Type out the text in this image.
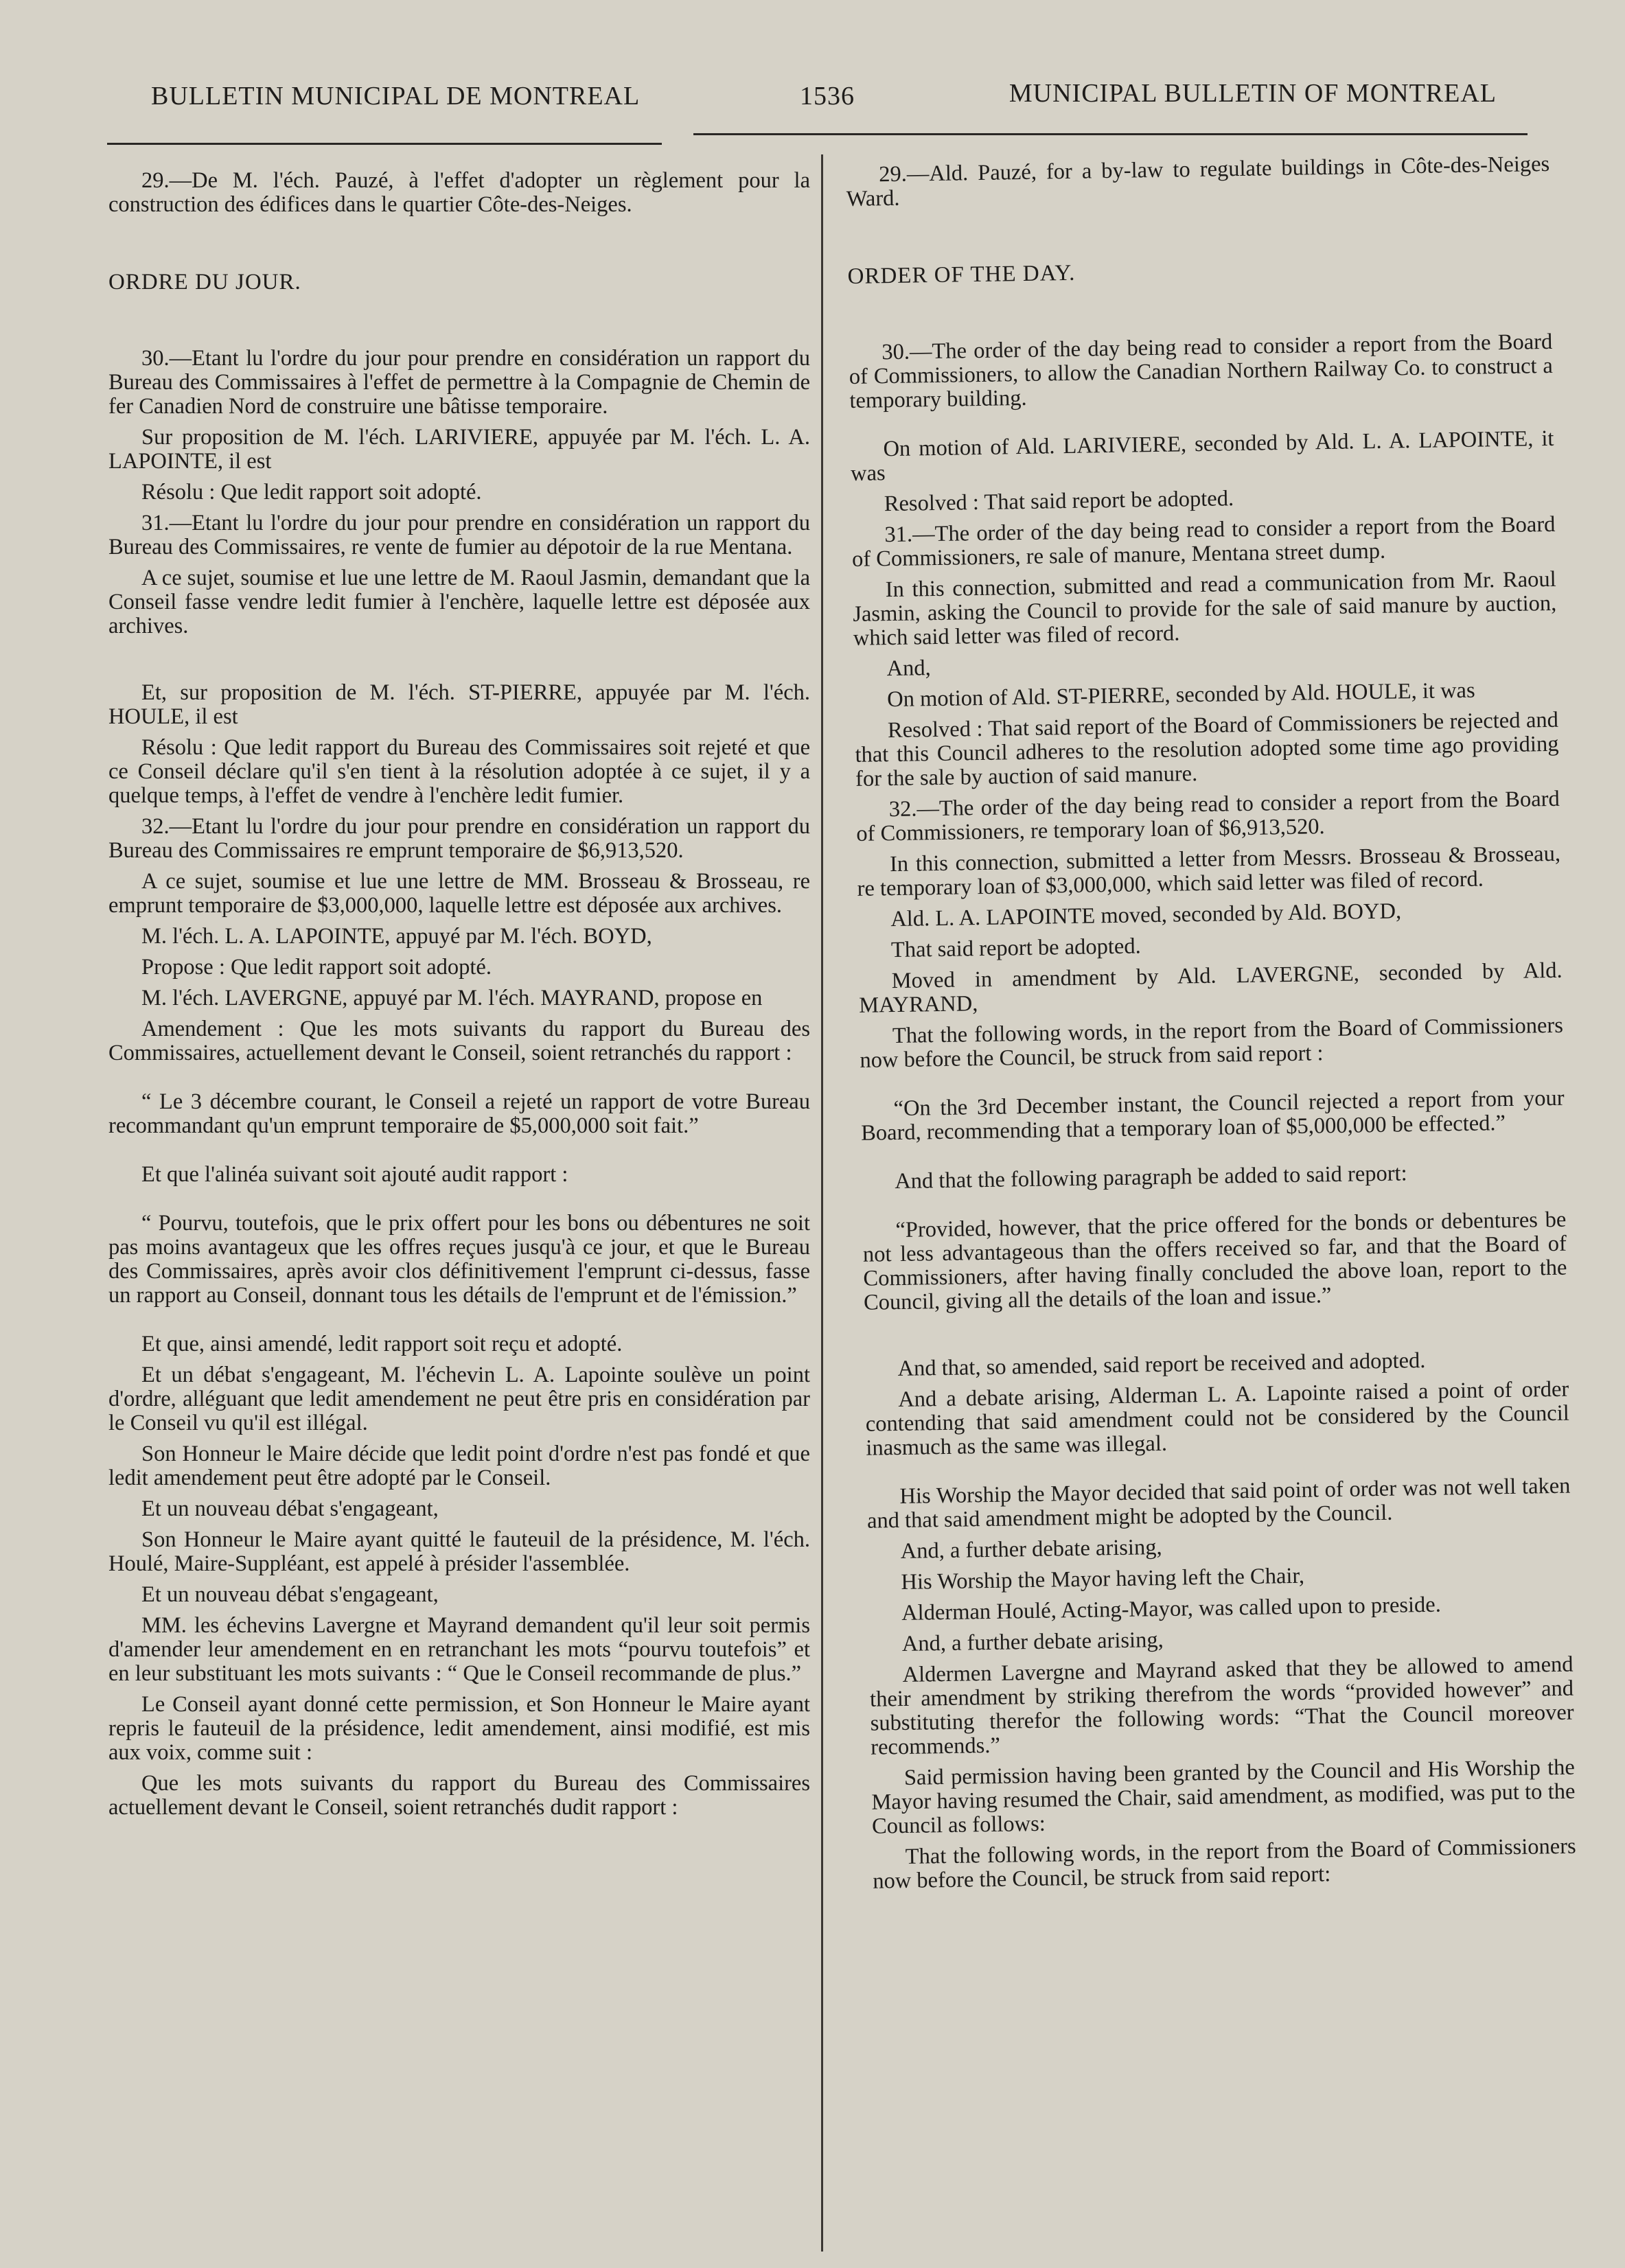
BULLETIN MUNICIPAL DE MONTREAL	1536	MUNICIPAL BULLETIN OF MONTREAL

29.—De M. l'éch. Pauzé, à l'effet d'adopter un règlement pour la construction des édifices dans le quartier Côte-des-Neiges.

ORDRE DU JOUR.

30.—Etant lu l'ordre du jour pour prendre en considération un rapport du Bureau des Commissaires à l'effet de permettre à la Compagnie de Chemin de fer Canadien Nord de construire une bâtisse temporaire.

Sur proposition de M. l'éch. LARIVIERE, appuyée par M. l'éch. L. A. LAPOINTE, il est

Résolu : Que ledit rapport soit adopté.

31.—Etant lu l'ordre du jour pour prendre en considération un rapport du Bureau des Commissaires, re vente de fumier au dépotoir de la rue Mentana.

A ce sujet, soumise et lue une lettre de M. Raoul Jasmin, demandant que la Conseil fasse vendre ledit fumier à l'enchère, laquelle lettre est déposée aux archives.

Et, sur proposition de M. l'éch. ST-PIERRE, appuyée par M. l'éch. HOULE, il est

Résolu : Que ledit rapport du Bureau des Commissaires soit rejeté et que ce Conseil déclare qu'il s'en tient à la résolution adoptée à ce sujet, il y a quelque temps, à l'effet de vendre à l'enchère ledit fumier.

32.—Etant lu l'ordre du jour pour prendre en considération un rapport du Bureau des Commissaires re emprunt temporaire de $6,913,520.

A ce sujet, soumise et lue une lettre de MM. Brosseau & Brosseau, re emprunt temporaire de $3,000,000, laquelle lettre est déposée aux archives.

M. l'éch. L. A. LAPOINTE, appuyé par M. l'éch. BOYD,

Propose : Que ledit rapport soit adopté.

M. l'éch. LAVERGNE, appuyé par M. l'éch. MAYRAND, propose en

Amendement : Que les mots suivants du rapport du Bureau des Commissaires, actuellement devant le Conseil, soient retranchés du rapport :

“ Le 3 décembre courant, le Conseil a rejeté un rapport de votre Bureau recommandant qu'un emprunt temporaire de $5,000,000 soit fait.”

Et que l'alinéa suivant soit ajouté audit rapport :

“ Pourvu, toutefois, que le prix offert pour les bons ou débentures ne soit pas moins avantageux que les offres reçues jusqu'à ce jour, et que le Bureau des Commissaires, après avoir clos définitivement l'emprunt ci-dessus, fasse un rapport au Conseil, donnant tous les détails de l'emprunt et de l'émission.”

Et que, ainsi amendé, ledit rapport soit reçu et adopté.

Et un débat s'engageant, M. l'échevin L. A. Lapointe soulève un point d'ordre, alléguant que ledit amendement ne peut être pris en considération par le Conseil vu qu'il est illégal.

Son Honneur le Maire décide que ledit point d'ordre n'est pas fondé et que ledit amendement peut être adopté par le Conseil.

Et un nouveau débat s'engageant,

Son Honneur le Maire ayant quitté le fauteuil de la présidence, M. l'éch. Houlé, Maire-Suppléant, est appelé à présider l'assemblée.

Et un nouveau débat s'engageant,

MM. les échevins Lavergne et Mayrand demandent qu'il leur soit permis d'amender leur amendement en en retranchant les mots “pourvu toutefois” et en leur substituant les mots suivants : “ Que le Conseil recommande de plus.”

Le Conseil ayant donné cette permission, et Son Honneur le Maire ayant repris le fauteuil de la présidence, ledit amendement, ainsi modifié, est mis aux voix, comme suit :

Que les mots suivants du rapport du Bureau des Commissaires actuellement devant le Conseil, soient retranchés dudit rapport :

29.—Ald. Pauzé, for a by-law to regulate buildings in Côte-des-Neiges Ward.

ORDER OF THE DAY.

30.—The order of the day being read to consider a report from the Board of Commissioners, to allow the Canadian Northern Railway Co. to construct a temporary building.

On motion of Ald. LARIVIERE, seconded by Ald. L. A. LAPOINTE, it was

Resolved : That said report be adopted.

31.—The order of the day being read to consider a report from the Board of Commissioners, re sale of manure, Mentana street dump.

In this connection, submitted and read a communication from Mr. Raoul Jasmin, asking the Council to provide for the sale of said manure by auction, which said letter was filed of record.

And,

On motion of Ald. ST-PIERRE, seconded by Ald. HOULE, it was

Resolved : That said report of the Board of Commissioners be rejected and that this Council adheres to the resolution adopted some time ago providing for the sale by auction of said manure.

32.—The order of the day being read to consider a report from the Board of Commissioners, re temporary loan of $6,913,520.

In this connection, submitted a letter from Messrs. Brosseau & Brosseau, re temporary loan of $3,000,000, which said letter was filed of record.

Ald. L. A. LAPOINTE moved, seconded by Ald. BOYD,

That said report be adopted.

Moved in amendment by Ald. LAVERGNE, seconded by Ald. MAYRAND,

That the following words, in the report from the Board of Commissioners now before the Council, be struck from said report :

“On the 3rd December instant, the Council rejected a report from your Board, recommending that a temporary loan of $5,000,000 be effected.”

And that the following paragraph be added to said report:

“Provided, however, that the price offered for the bonds or debentures be not less advantageous than the offers received so far, and that the Board of Commissioners, after having finally concluded the above loan, report to the Council, giving all the details of the loan and issue.”

And that, so amended, said report be received and adopted.

And a debate arising, Alderman L. A. Lapointe raised a point of order contending that said amendment could not be considered by the Council inasmuch as the same was illegal.

His Worship the Mayor decided that said point of order was not well taken and that said amendment might be adopted by the Council.

And, a further debate arising,

His Worship the Mayor having left the Chair,

Alderman Houlé, Acting-Mayor, was called upon to preside.

And, a further debate arising,

Aldermen Lavergne and Mayrand asked that they be allowed to amend their amendment by striking therefrom the words “provided however” and substituting therefor the following words: “That the Council moreover recommends.”

Said permission having been granted by the Council and His Worship the Mayor having resumed the Chair, said amendment, as modified, was put to the Council as follows:

That the following words, in the report from the Board of Commissioners now before the Council, be struck from said report:
